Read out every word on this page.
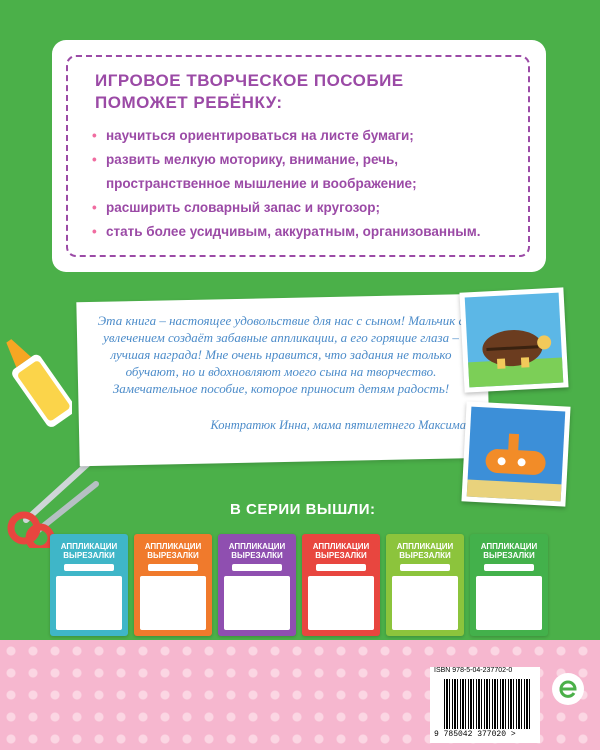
ИГРОВОЕ ТВОРЧЕСКОЕ ПОСОБИЕ
ПОМОЖЕТ РЕБЁНКУ:
• научиться ориентироваться на листе бумаги;
• развить мелкую моторику, внимание, речь,
пространственное мышление и воображение;
• расширить словарный запас и кругозор;
• стать более усидчивым, аккуратным, организованным.
Эта книга – настоящее удовольствие для нас с сыном! Мальчик с увлечением создаёт забавные аппликации, а его горящие глаза – лучшая награда! Мне очень нравится, что задания не только обучают, но и вдохновляют моего сына на творчество. Замечательное пособие, которое приносит детям радость!
Контратюк Инна, мама пятилетнего Максима
В СЕРИИ ВЫШЛИ:
АППЛИКАЦИИ ВЫРЕЗАЛКИ
АППЛИКАЦИИ ВЫРЕЗАЛКИ
АППЛИКАЦИИ ВЫРЕЗАЛКИ
АППЛИКАЦИИ ВЫРЕЗАЛКИ
АППЛИКАЦИИ ВЫРЕЗАЛКИ
АППЛИКАЦИИ ВЫРЕЗАЛКИ
ISBN 978-5-04-237702-0
9 785042 377020 >
